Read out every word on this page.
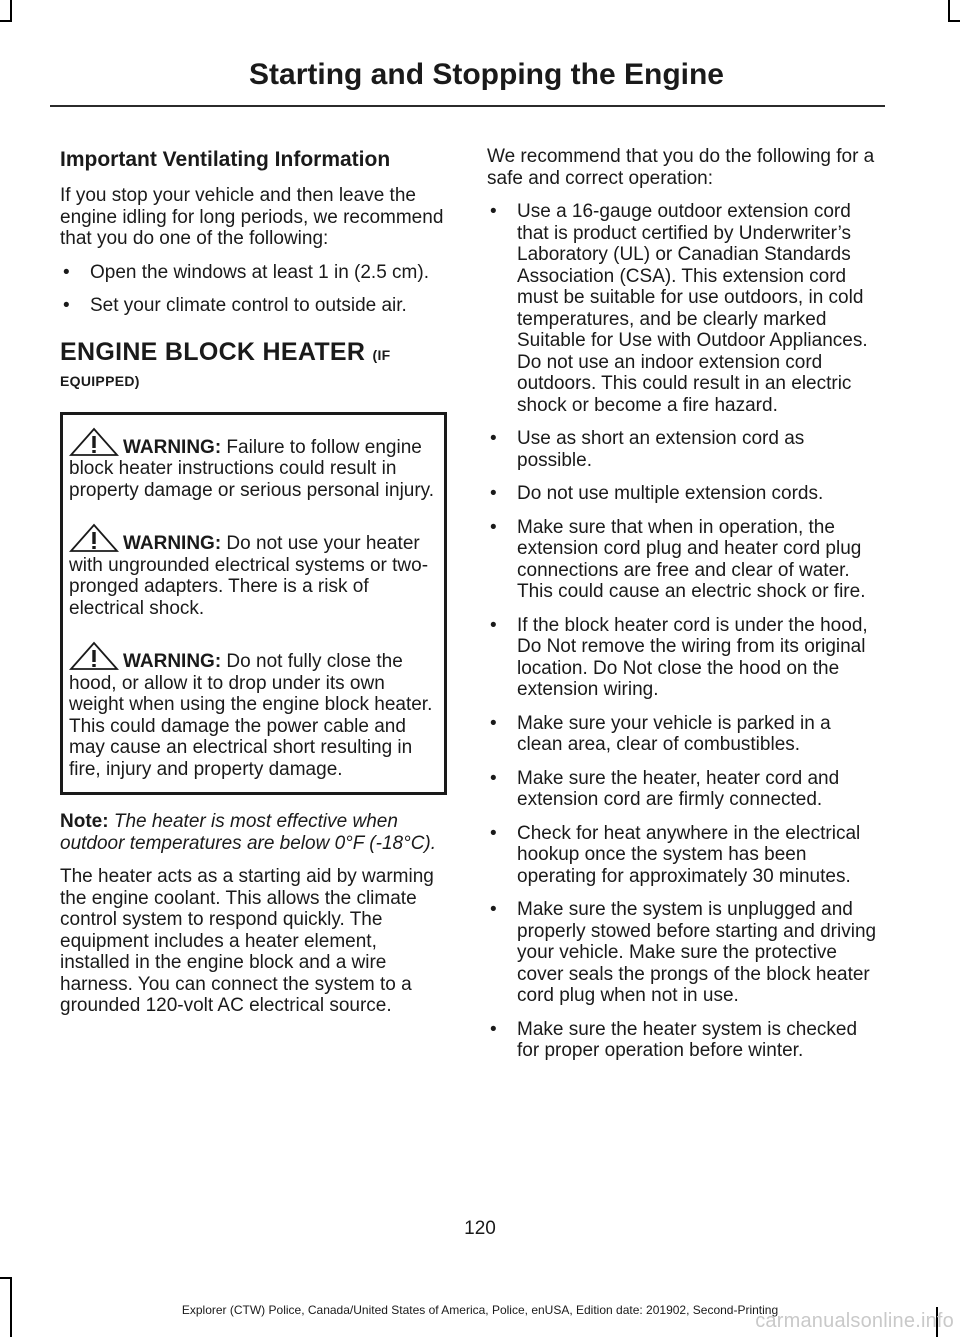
Starting and Stopping the Engine
Important Ventilating Information

If you stop your vehicle and then leave the engine idling for long periods, we recommend that you do one of the following:

• Open the windows at least 1 in (2.5 cm).
• Set your climate control to outside air.
ENGINE BLOCK HEATER (IF
EQUIPPED)
WARNING: Failure to follow engine block heater instructions could result in property damage or serious personal injury.
WARNING: Do not use your heater with ungrounded electrical systems or two-pronged adapters. There is a risk of electrical shock.
WARNING: Do not fully close the hood, or allow it to drop under its own weight when using the engine block heater. This could damage the power cable and may cause an electrical short resulting in fire, injury and property damage.

Note: The heater is most effective when outdoor temperatures are below 0°F (-18°C).

The heater acts as a starting aid by warming the engine coolant. This allows the climate control system to respond quickly. The equipment includes a heater element, installed in the engine block and a wire harness. You can connect the system to a grounded 120-volt AC electrical source.

We recommend that you do the following for a safe and correct operation:

• Use a 16-gauge outdoor extension cord that is product certified by Underwriter’s Laboratory (UL) or Canadian Standards Association (CSA). This extension cord must be suitable for use outdoors, in cold temperatures, and be clearly marked Suitable for Use with Outdoor Appliances. Do not use an indoor extension cord outdoors. This could result in an electric shock or become a fire hazard.
• Use as short an extension cord as possible.
• Do not use multiple extension cords.
• Make sure that when in operation, the extension cord plug and heater cord plug connections are free and clear of water. This could cause an electric shock or fire.
• If the block heater cord is under the hood, Do Not remove the wiring from its original location. Do Not close the hood on the extension wiring.
• Make sure your vehicle is parked in a clean area, clear of combustibles.
• Make sure the heater, heater cord and extension cord are firmly connected.
• Check for heat anywhere in the electrical hookup once the system has been operating for approximately 30 minutes.
• Make sure the system is unplugged and properly stowed before starting and driving your vehicle. Make sure the protective cover seals the prongs of the block heater cord plug when not in use.
• Make sure the heater system is checked for proper operation before winter.
120
Explorer (CTW) Police, Canada/United States of America, Police, enUSA, Edition date: 201902, Second-Printing
carmanualsonline.info
